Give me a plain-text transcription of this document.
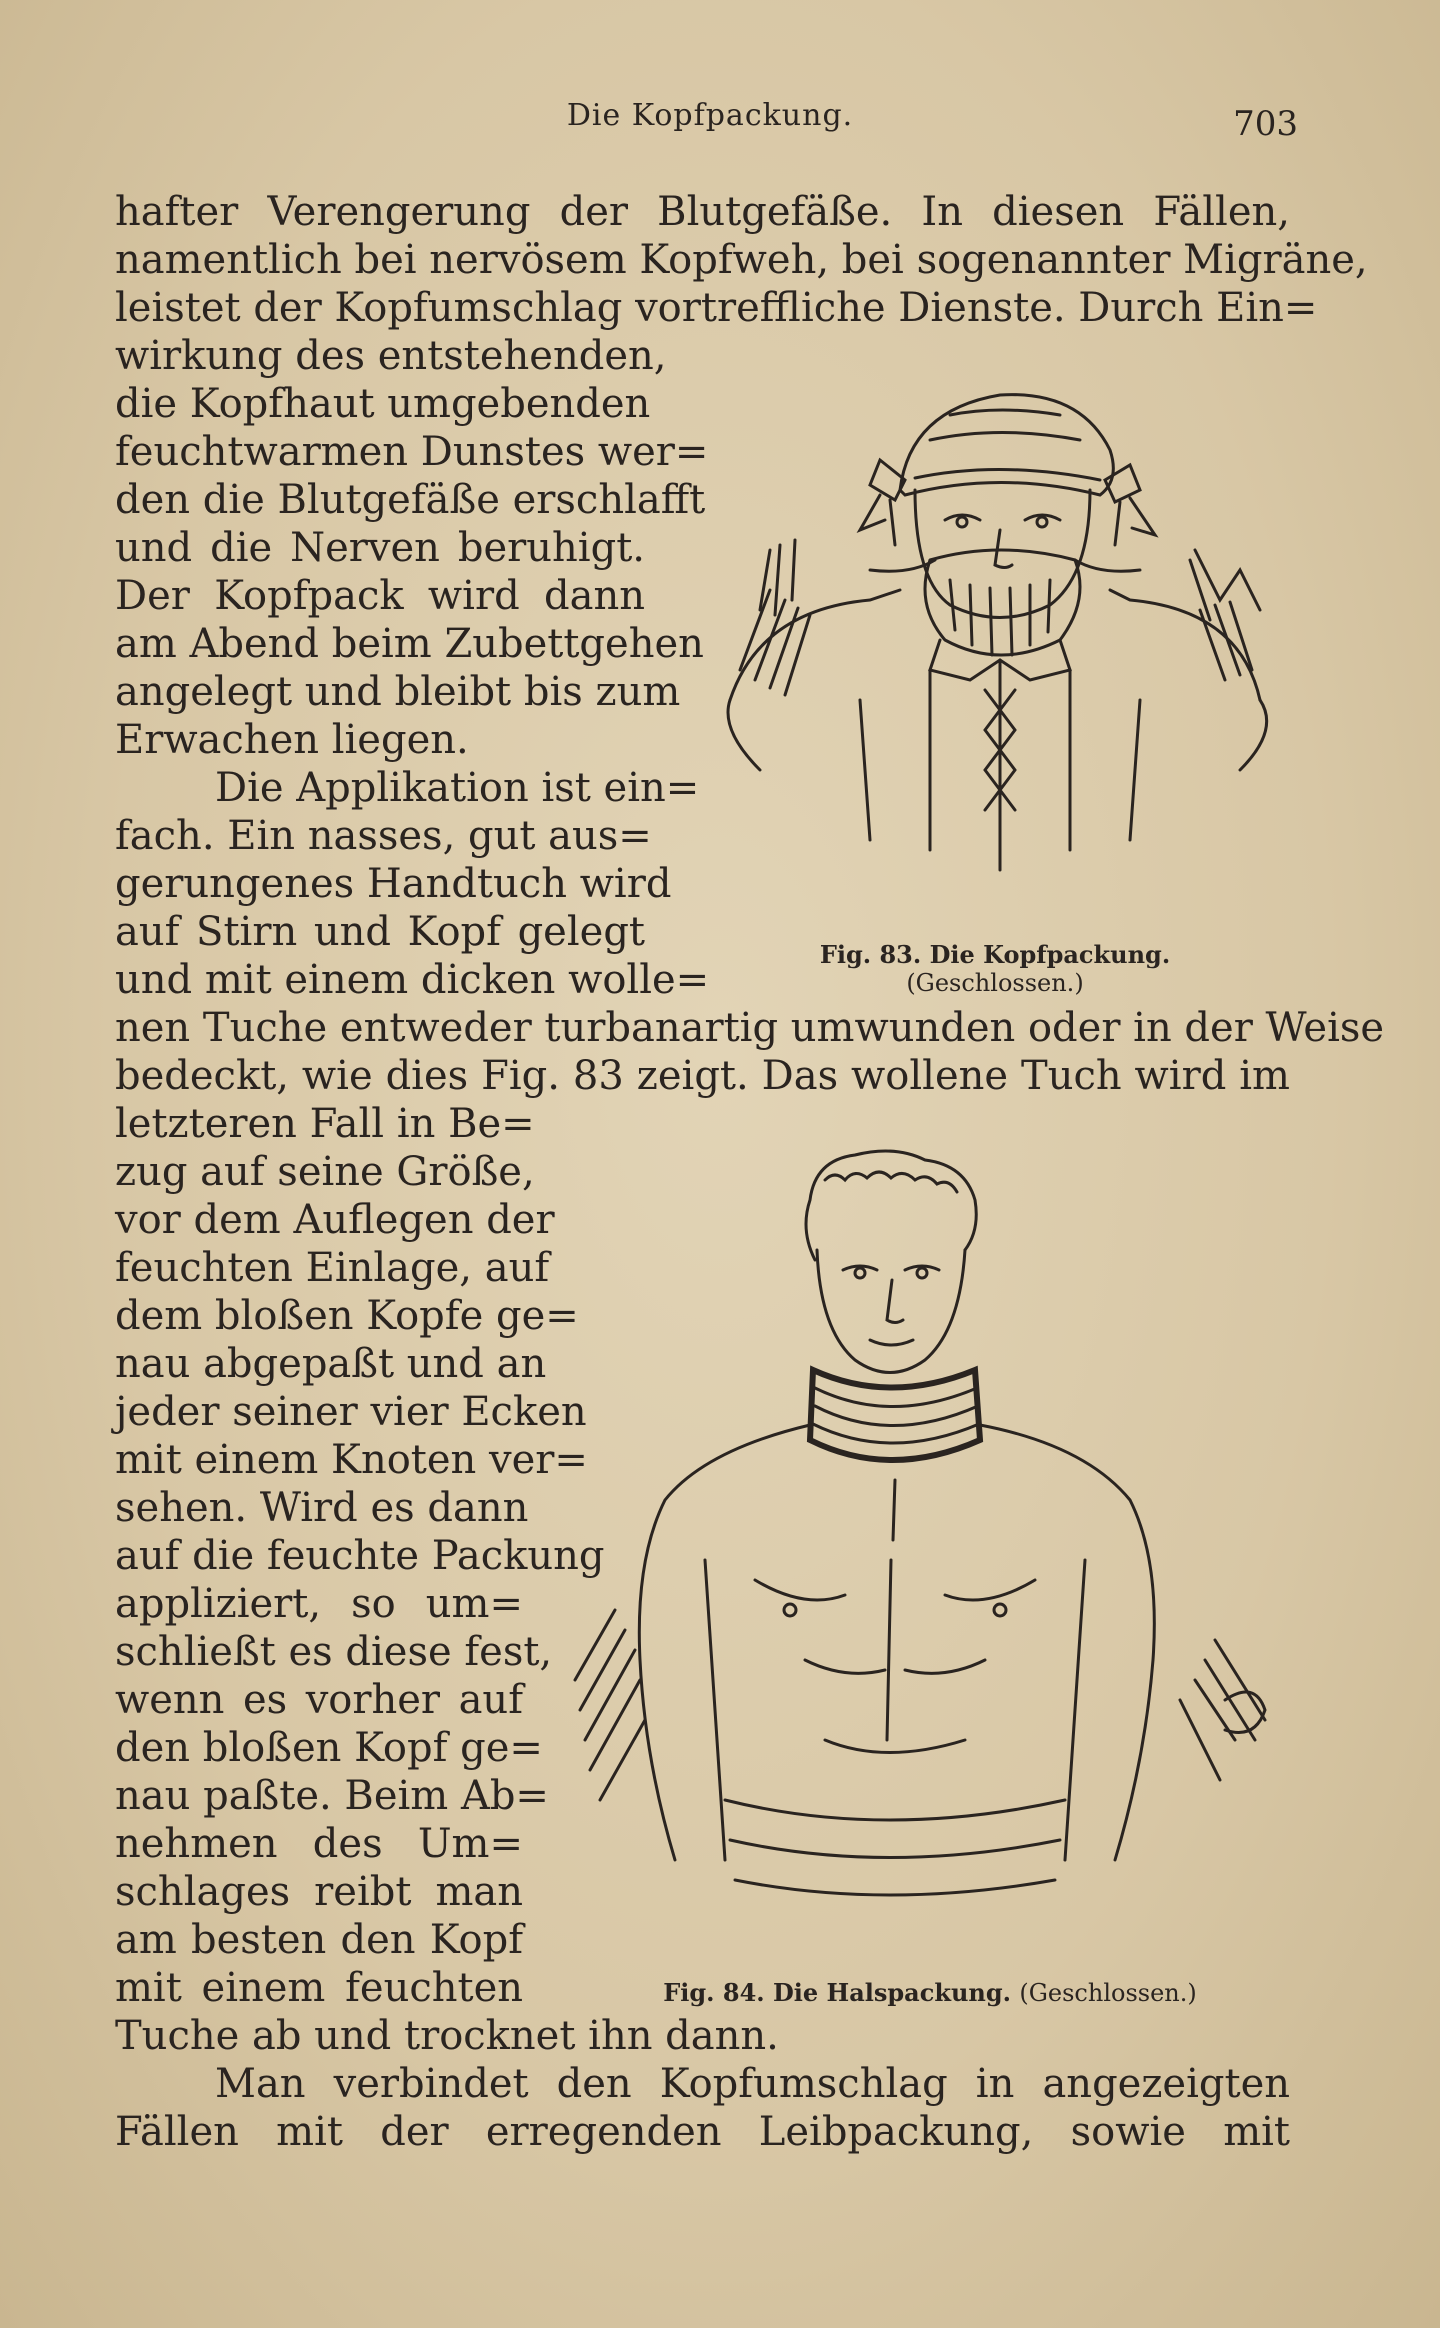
Die Kopfpackung.	703
hafter Verengerung der Blutgefäße. In diesen Fällen,
namentlich bei nervösem Kopfweh, bei sogenannter Migräne,
leistet der Kopfumschlag vortreffliche Dienste. Durch Ein=
wirkung des entstehenden,
die Kopfhaut umgebenden
feuchtwarmen Dunstes wer=
den die Blutgefäße erschlafft
und die Nerven beruhigt.
Der Kopfpack wird dann
am Abend beim Zubettgehen
angelegt und bleibt bis zum
Erwachen liegen.
Die Applikation ist ein=
fach. Ein nasses, gut aus=
gerungenes Handtuch wird
auf Stirn und Kopf gelegt
und mit einem dicken wolle=
nen Tuche entweder turbanartig umwunden oder in der Weise
bedeckt, wie dies Fig. 83 zeigt. Das wollene Tuch wird im
letzteren Fall in Be=
zug auf seine Größe,
vor dem Auflegen der
feuchten Einlage, auf
dem bloßen Kopfe ge=
nau abgepaßt und an
jeder seiner vier Ecken
mit einem Knoten ver=
sehen. Wird es dann
auf die feuchte Packung
appliziert, so um=
schließt es diese fest,
wenn es vorher auf
den bloßen Kopf ge=
nau paßte. Beim Ab=
nehmen des Um=
schlages reibt man
am besten den Kopf
mit einem feuchten
Tuche ab und trocknet ihn dann.
Man verbindet den Kopfumschlag in angezeigten
Fällen mit der erregenden Leibpackung, sowie mit
Fig. 83. Die Kopfpackung.
(Geschlossen.)
Fig. 84. Die Halspackung. (Geschlossen.)
